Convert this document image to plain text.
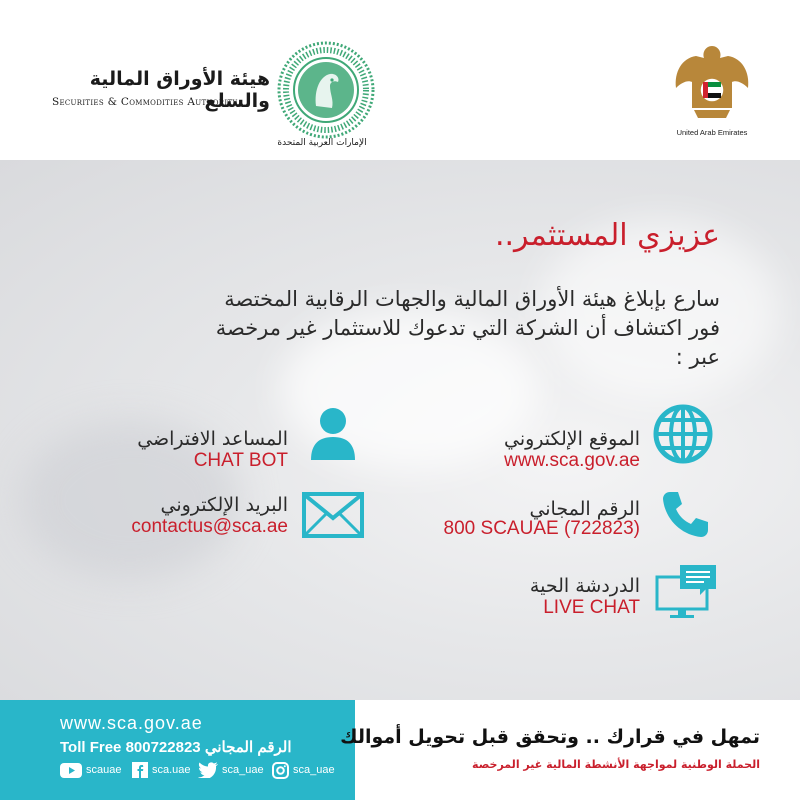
هيئة الأوراق المالية والسلع
Securities & Commodities Authority
الإمارات العربية المتحدة
United Arab Emirates
عزيزي المستثمر..
سارع بإبلاغ هيئة الأوراق المالية والجهات الرقابية المختصة
فور اكتشاف أن الشركة التي تدعوك للاستثمار غير مرخصة
عبر :
الموقع الإلكتروني
www.sca.gov.ae
المساعد الافتراضي
CHAT BOT
الرقم المجاني
800 SCAUAE (722823)
البريد الإلكتروني
contactus@sca.ae
الدردشة الحية
LIVE CHAT
www.sca.gov.ae
Toll Free 800722823 الرقم المجاني
scauae	sca.uae	sca_uae	sca_uae
تمهل في قرارك .. وتحقق قبل تحويل أموالك
الحملة الوطنية لمواجهة الأنشطة المالية غير المرخصة
